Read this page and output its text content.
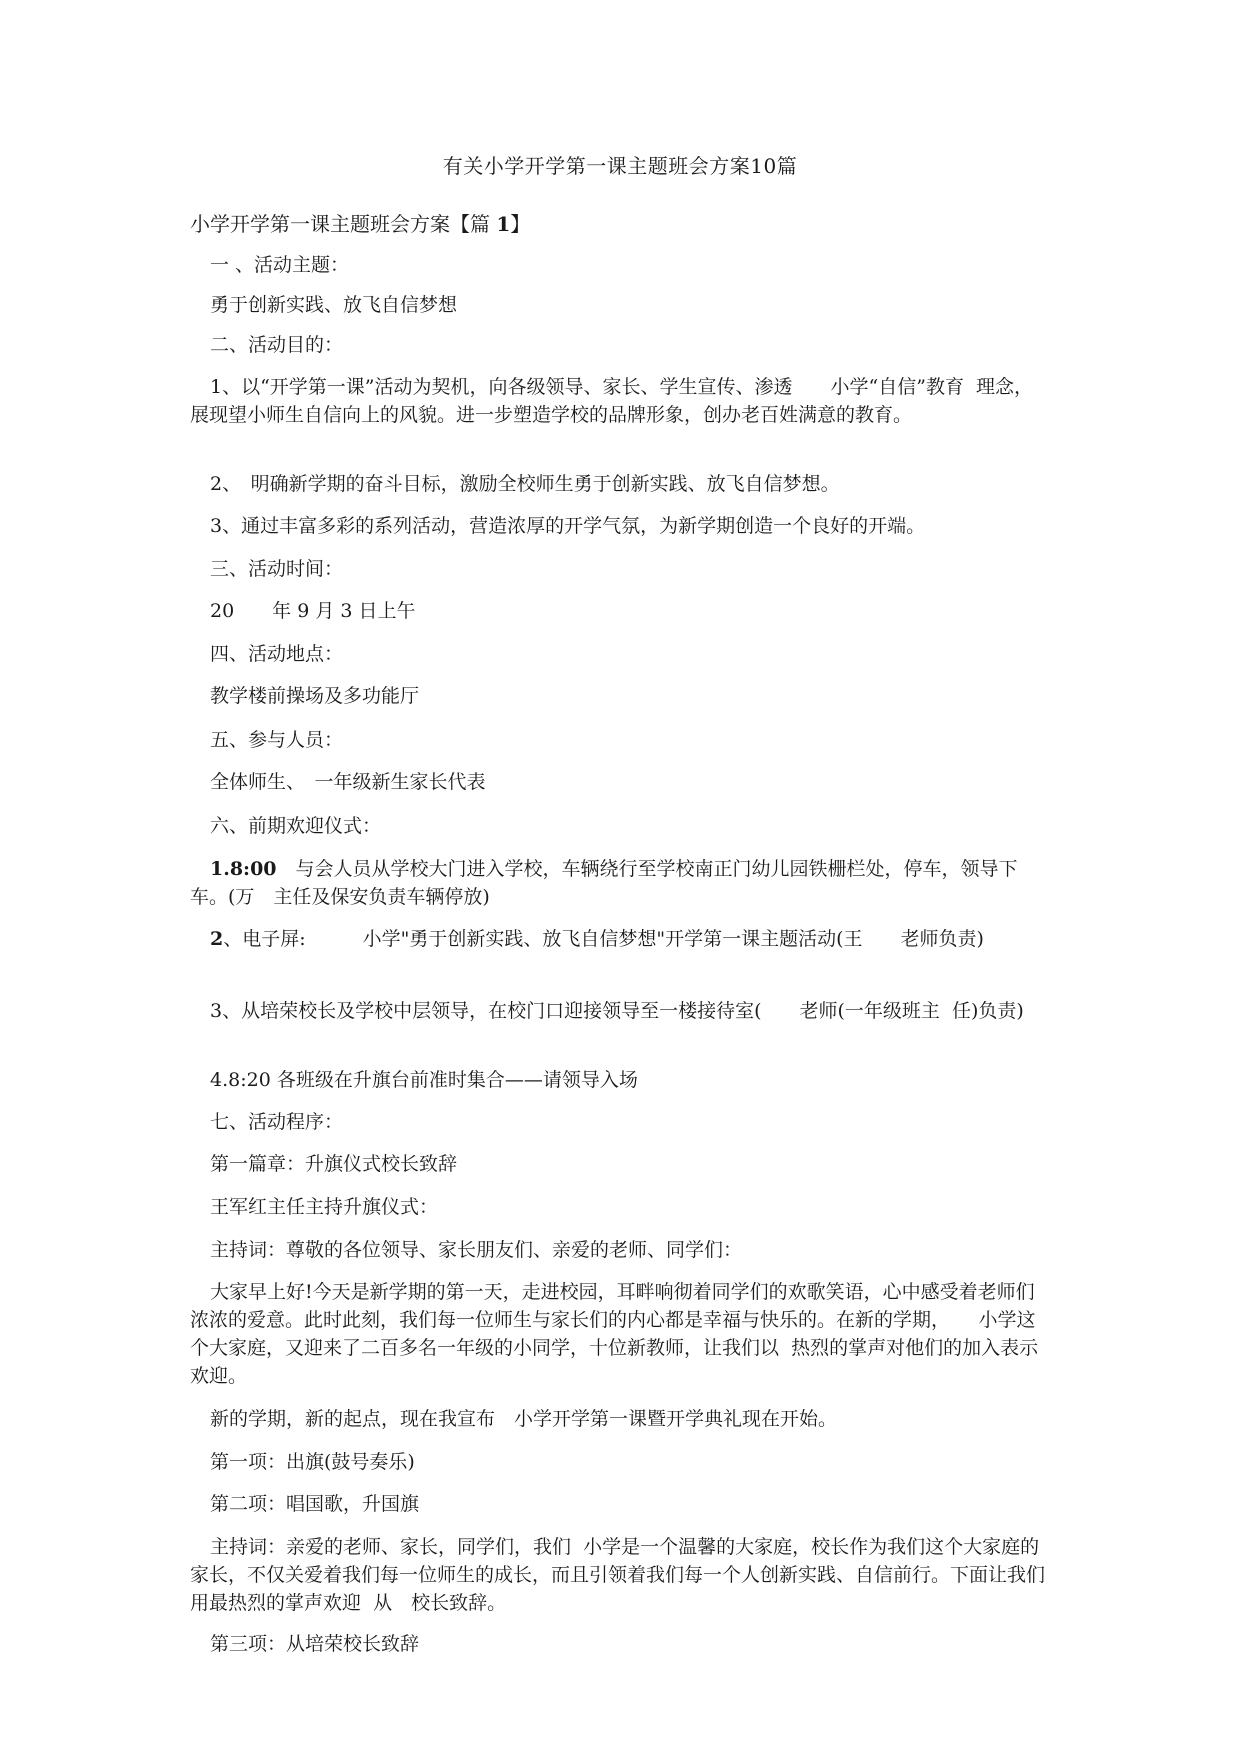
有关小学开学第一课主题班会方案10篇
小学开学第一课主题班会方案【篇 1】
一 、活动主题：
勇于创新实践、放飞自信梦想
二、活动目的：
1、以“开学第一课”活动为契机，向各级领导、家长、学生宣传、渗透　　小学“自信”教育  理念，展现望小师生自信向上的风貌。进一步塑造学校的品牌形象，创办老百姓满意的教育。
2、　明确新学期的奋斗目标，激励全校师生勇于创新实践、放飞自信梦想。
3、通过丰富多彩的系列活动，营造浓厚的开学气氛，为新学期创造一个良好的开端。
三、活动时间：
20　　年 9 月 3 日上午
四、活动地点：
教学楼前操场及多功能厅
五、参与人员：
全体师生、　一年级新生家长代表
六、前期欢迎仪式：
1.8:00　与会人员从学校大门进入学校，车辆绕行至学校南正门幼儿园铁栅栏处，停车，领导下车。(万　主任及保安负责车辆停放)
2、电子屏:　　　小学"勇于创新实践、放飞自信梦想"开学第一课主题活动(王　　老师负责)
3、从培荣校长及学校中层领导，在校门口迎接领导至一楼接待室(　　老师(一年级班主  任)负责)
4.8:20 各班级在升旗台前准时集合——请领导入场
七、活动程序：
第一篇章：升旗仪式校长致辞
王军红主任主持升旗仪式：
主持词：尊敬的各位领导、家长朋友们、亲爱的老师、同学们：
大家早上好!今天是新学期的第一天，走进校园，耳畔响彻着同学们的欢歌笑语，心中感受着老师们浓浓的爱意。此时此刻，我们每一位师生与家长们的内心都是幸福与快乐的。在新的学期，　　小学这个大家庭，又迎来了二百多名一年级的小同学，十位新教师，让我们以  热烈的掌声对他们的加入表示欢迎。
新的学期，新的起点，现在我宣布　小学开学第一课暨开学典礼现在开始。
第一项：出旗(鼓号奏乐)
第二项：唱国歌，升国旗
主持词：亲爱的老师、家长，同学们，我们  小学是一个温馨的大家庭，校长作为我们这个大家庭的家长，不仅关爱着我们每一位师生的成长，而且引领着我们每一个人创新实践、自信前行。下面让我们用最热烈的掌声欢迎  从　校长致辞。
第三项：从培荣校长致辞
